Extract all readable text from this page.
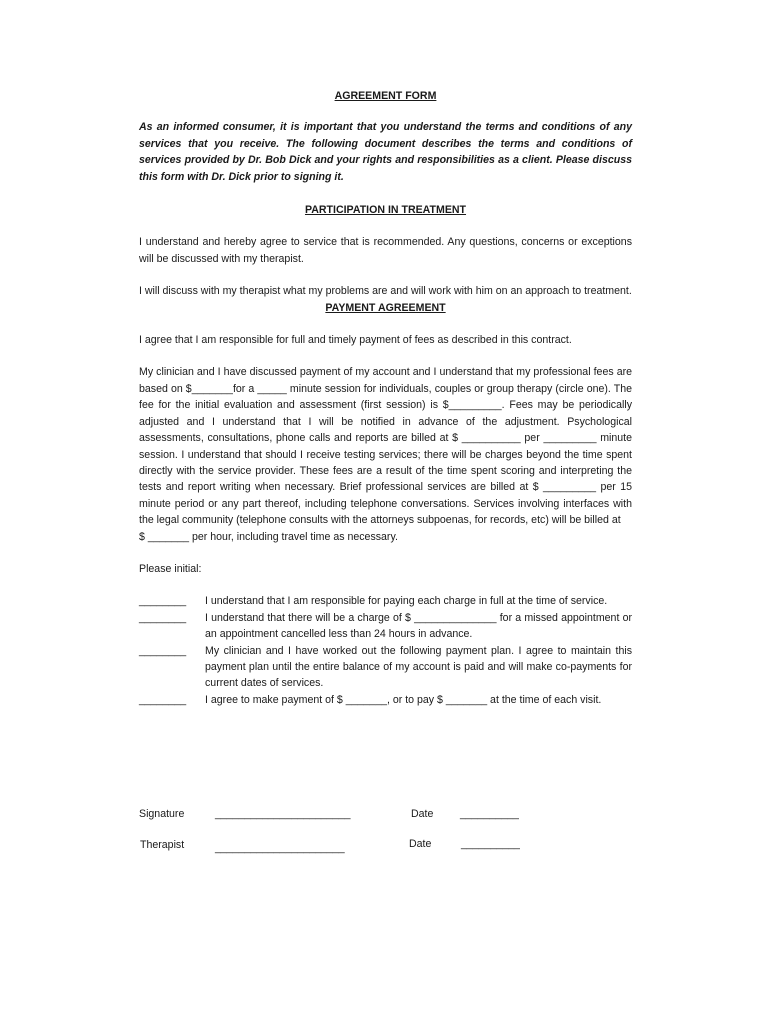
AGREEMENT FORM

As an informed consumer, it is important that you understand the terms and conditions of any services that you receive. The following document describes the terms and conditions of services provided by Dr. Bob Dick and your rights and responsibilities as a client. Please discuss this form with Dr. Dick prior to signing it.

PARTICIPATION IN TREATMENT

I understand and hereby agree to service that is recommended. Any questions, concerns or exceptions will be discussed with my therapist.

I will discuss with my therapist what my problems are and will work with him on an approach to treatment.

PAYMENT AGREEMENT

I agree that I am responsible for full and timely payment of fees as described in this contract.

My clinician and I have discussed payment of my account and I understand that my professional fees are based on $_______for a _____ minute session for individuals, couples or group therapy (circle one). The fee for the initial evaluation and assessment (first session) is $_________. Fees may be periodically adjusted and I understand that I will be notified in advance of the adjustment. Psychological assessments, consultations, phone calls and reports are billed at $ __________ per _________ minute session. I understand that should I receive testing services; there will be charges beyond the time spent directly with the service provider. These fees are a result of the time spent scoring and interpreting the tests and report writing when necessary. Brief professional services are billed at $ _________ per 15 minute period or any part thereof, including telephone conversations. Services involving interfaces with the legal community (telephone consults with the attorneys subpoenas, for records, etc) will be billed at

$ _______ per hour, including travel time as necessary.

Please initial:

________	I understand that I am responsible for paying each charge in full at the time of service.
________	I understand that there will be a charge of $ ______________ for a missed appointment or an appointment cancelled less than 24 hours in advance.
________	My clinician and I have worked out the following payment plan. I agree to maintain this payment plan until the entire balance of my account is paid and will make co-payments for current dates of services.
________	I agree to make payment of $ _______, or to pay $ _______ at the time of each visit.
Signature	_______________________	Date	__________
Therapist	______________________	Date	__________
